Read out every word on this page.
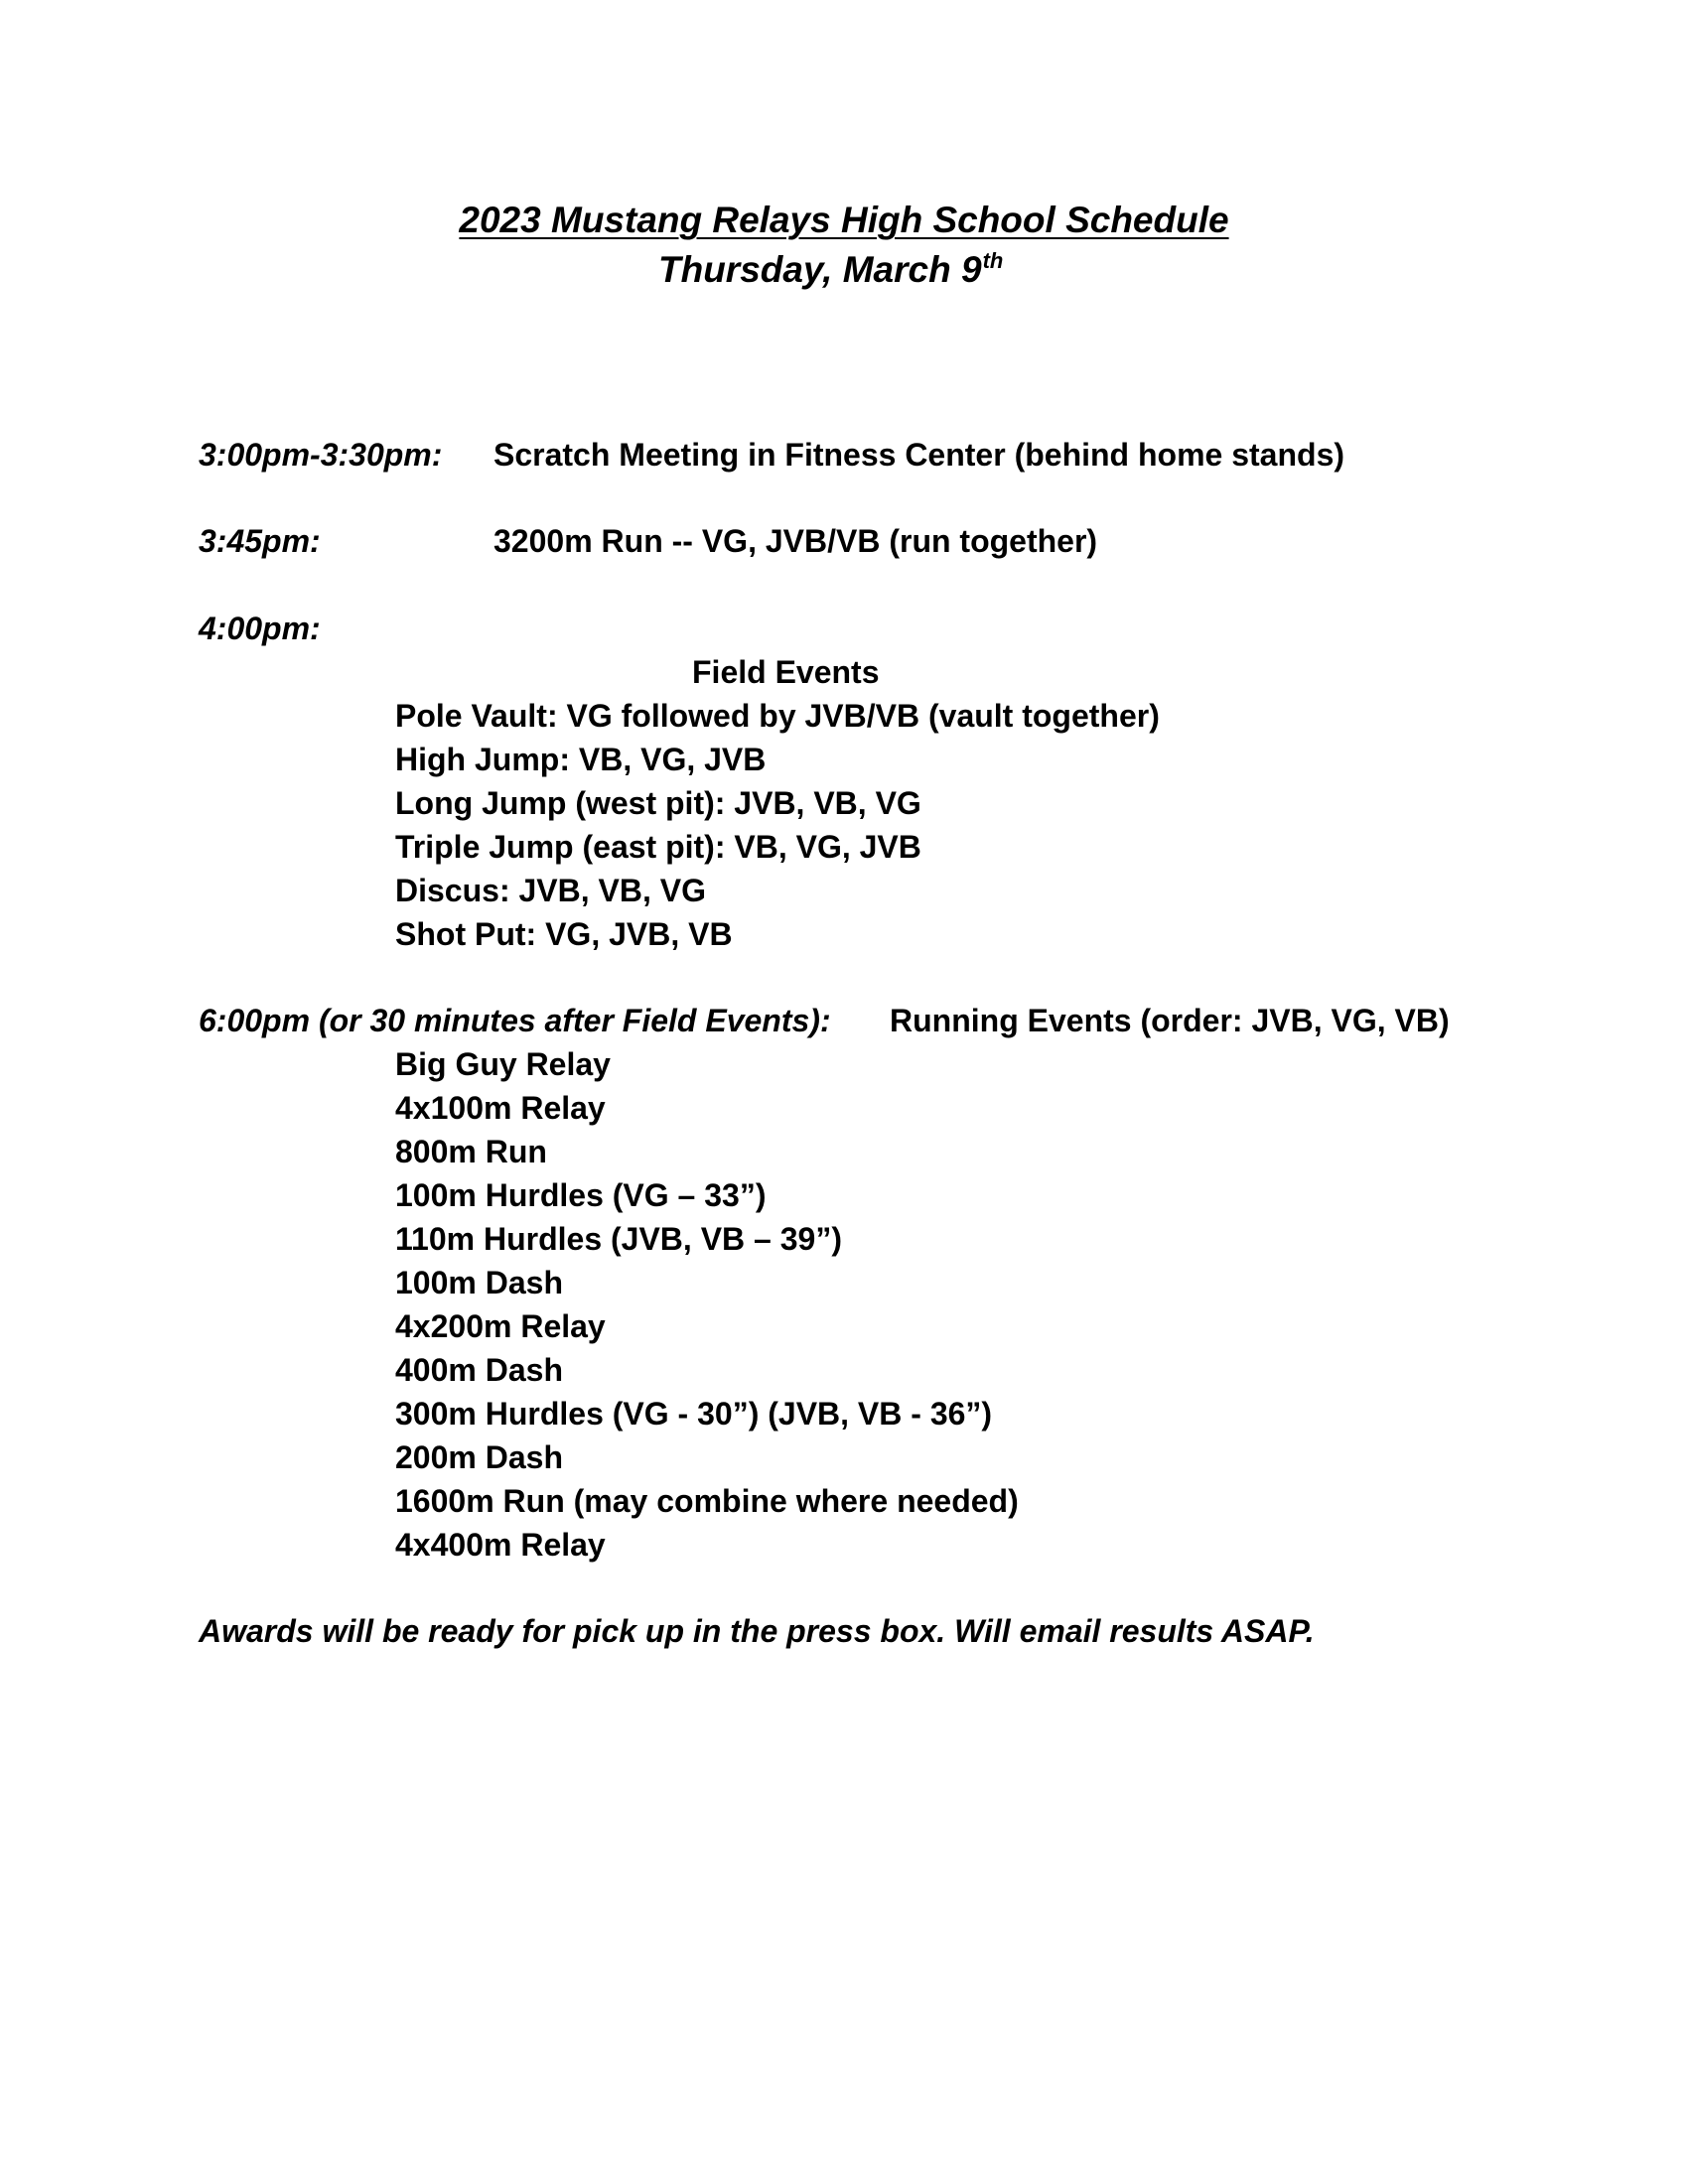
2023 Mustang Relays High School Schedule
Thursday, March 9th
3:00pm-3:30pm: Scratch Meeting in Fitness Center (behind home stands)
3:45pm:	3200m Run -- VG, JVB/VB (run together)
4:00pm:
Field Events
Pole Vault: VG followed by JVB/VB (vault together)
High Jump: VB, VG, JVB
Long Jump (west pit): JVB, VB, VG
Triple Jump (east pit): VB, VG, JVB
Discus: JVB, VB, VG
Shot Put: VG, JVB, VB
6:00pm (or 30 minutes after Field Events): Running Events (order: JVB, VG, VB)
Big Guy Relay
4x100m Relay
800m Run
100m Hurdles (VG – 33”)
110m Hurdles (JVB, VB – 39”)
100m Dash
4x200m Relay
400m Dash
300m Hurdles (VG - 30”) (JVB, VB - 36”)
200m Dash
1600m Run (may combine where needed)
4x400m Relay
Awards will be ready for pick up in the press box. Will email results ASAP.
